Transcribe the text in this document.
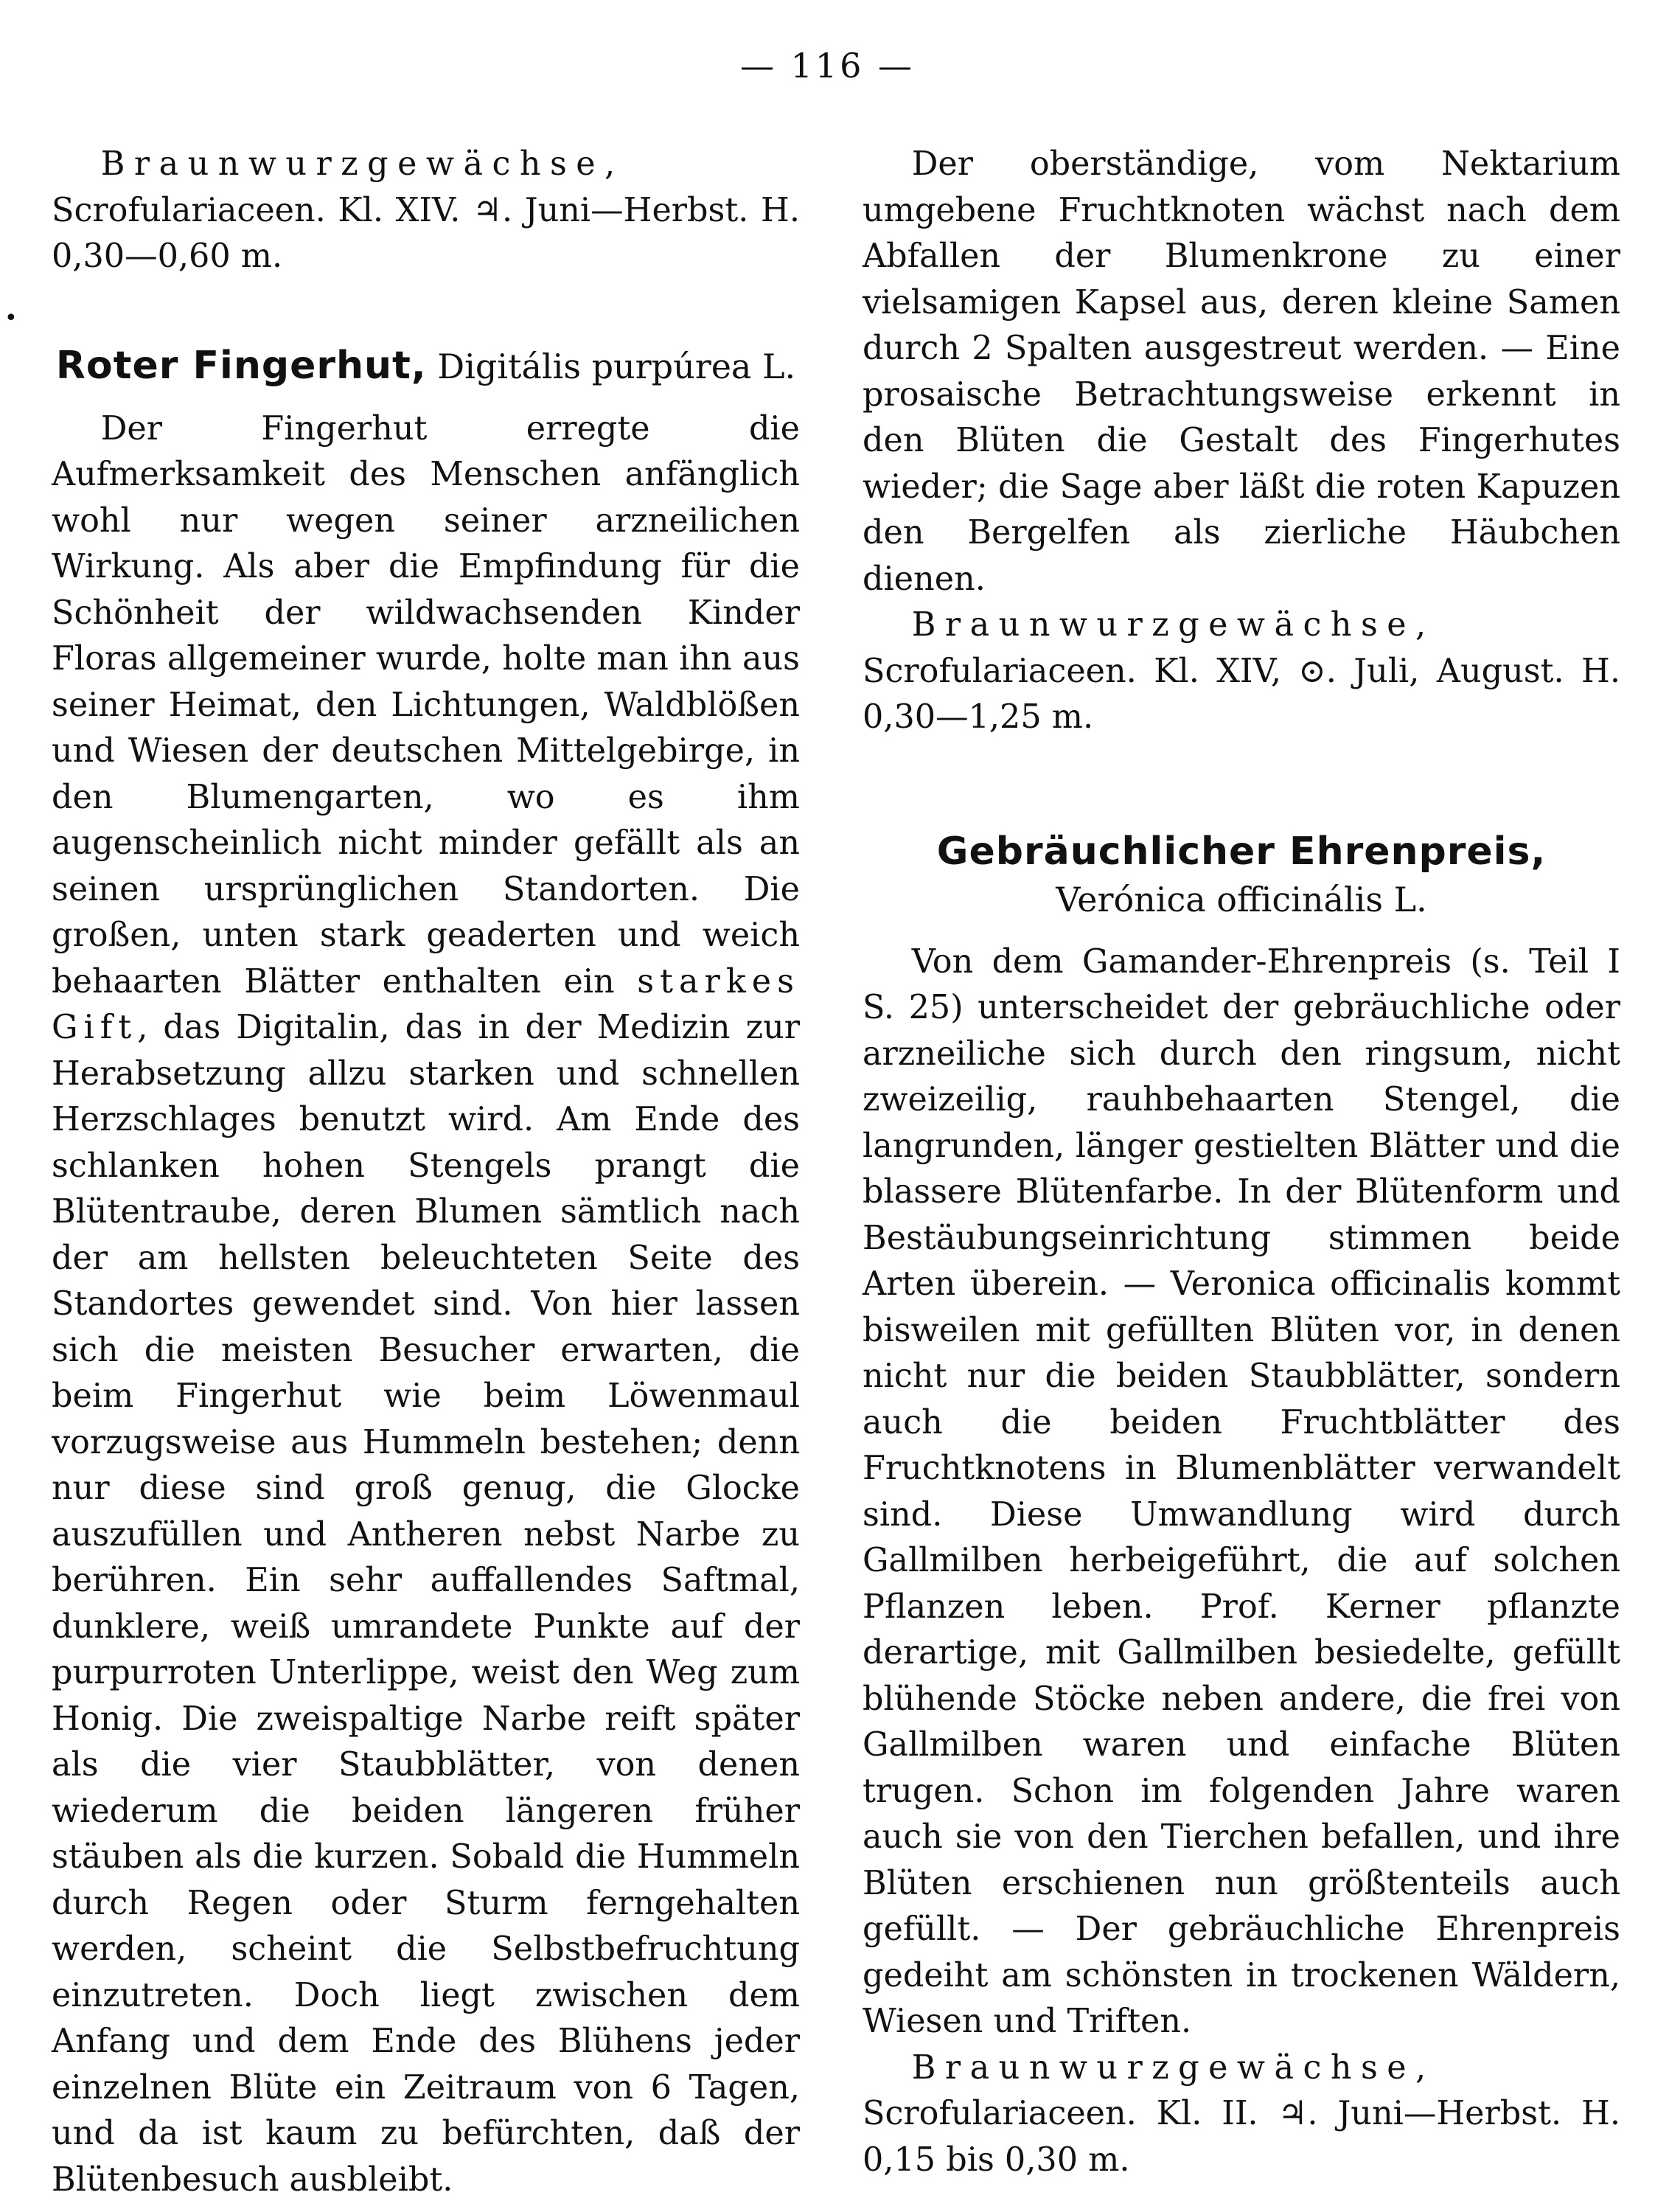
— 116 —
•

Braunwurzgewächse, Scrofulariaceen. Kl. XIV. ♃. Juni—Herbst. H. 0,30—0,60 m.

Roter Fingerhut, Digitális purpúrea L.

Der Fingerhut erregte die Aufmerksamkeit des Menschen anfänglich wohl nur wegen seiner arzneilichen Wirkung. Als aber die Empfindung für die Schönheit der wildwachsenden Kinder Floras allgemeiner wurde, holte man ihn aus seiner Heimat, den Lichtungen, Waldblößen und Wiesen der deutschen Mittelgebirge, in den Blumengarten, wo es ihm augenscheinlich nicht minder gefällt als an seinen ursprünglichen Standorten. Die großen, unten stark geaderten und weich behaarten Blätter enthalten ein starkes Gift, das Digitalin, das in der Medizin zur Herabsetzung allzu starken und schnellen Herzschlages benutzt wird. Am Ende des schlanken hohen Stengels prangt die Blütentraube, deren Blumen sämtlich nach der am hellsten beleuchteten Seite des Standortes gewendet sind. Von hier lassen sich die meisten Besucher erwarten, die beim Fingerhut wie beim Löwenmaul vorzugsweise aus Hummeln bestehen; denn nur diese sind groß genug, die Glocke auszufüllen und Antheren nebst Narbe zu berühren. Ein sehr auffallendes Saftmal, dunklere, weiß umrandete Punkte auf der purpurroten Unterlippe, weist den Weg zum Honig. Die zweispaltige Narbe reift später als die vier Staubblätter, von denen wiederum die beiden längeren früher stäuben als die kurzen. Sobald die Hummeln durch Regen oder Sturm ferngehalten werden, scheint die Selbstbefruchtung einzutreten. Doch liegt zwischen dem Anfang und dem Ende des Blühens jeder einzelnen Blüte ein Zeitraum von 6 Tagen, und da ist kaum zu befürchten, daß der Blütenbesuch ausbleibt.

Der oberständige, vom Nektarium umgebene Fruchtknoten wächst nach dem Abfallen der Blumenkrone zu einer vielsamigen Kapsel aus, deren kleine Samen durch 2 Spalten ausgestreut werden. — Eine prosaische Betrachtungsweise erkennt in den Blüten die Gestalt des Fingerhutes wieder; die Sage aber läßt die roten Kapuzen den Bergelfen als zierliche Häubchen dienen.

Braunwurzgewächse, Scrofulariaceen. Kl. XIV, ⊙. Juli, August. H. 0,30—1,25 m.

Gebräuchlicher Ehrenpreis, Verónica officinális L.

Von dem Gamander-Ehrenpreis (s. Teil I S. 25) unterscheidet der gebräuchliche oder arzneiliche sich durch den ringsum, nicht zweizeilig, rauhbehaarten Stengel, die langrunden, länger gestielten Blätter und die blassere Blütenfarbe. In der Blütenform und Bestäubungseinrichtung stimmen beide Arten überein. — Veronica officinalis kommt bisweilen mit gefüllten Blüten vor, in denen nicht nur die beiden Staubblätter, sondern auch die beiden Fruchtblätter des Fruchtknotens in Blumenblätter verwandelt sind. Diese Umwandlung wird durch Gallmilben herbeigeführt, die auf solchen Pflanzen leben. Prof. Kerner pflanzte derartige, mit Gallmilben besiedelte, gefüllt blühende Stöcke neben andere, die frei von Gallmilben waren und einfache Blüten trugen. Schon im folgenden Jahre waren auch sie von den Tierchen befallen, und ihre Blüten erschienen nun größtenteils auch gefüllt. — Der gebräuchliche Ehrenpreis gedeiht am schönsten in trockenen Wäldern, Wiesen und Triften.

Braunwurzgewächse, Scrofulariaceen. Kl. II. ♃. Juni—Herbst. H. 0,15 bis 0,30 m.
